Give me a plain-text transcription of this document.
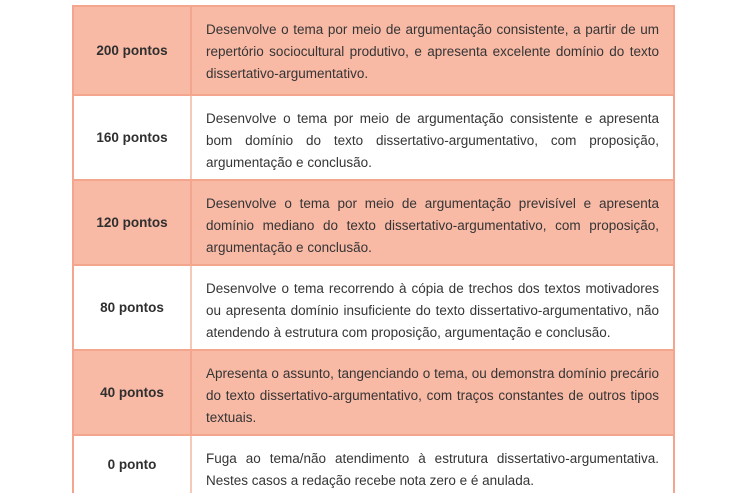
200 pontos
Desenvolve o tema por meio de argumentação consistente, a partir de um repertório sociocultural produtivo, e apresenta excelente domínio do texto dissertativo-argumentativo.
160 pontos
Desenvolve o tema por meio de argumentação consistente e apresenta bom domínio do texto dissertativo-argumentativo, com proposição, argumentação e conclusão.
120 pontos
Desenvolve o tema por meio de argumentação previsível e apresenta domínio mediano do texto dissertativo-argumentativo, com proposição, argumentação e conclusão.
80 pontos
Desenvolve o tema recorrendo à cópia de trechos dos textos motivadores ou apresenta domínio insuficiente do texto dissertativo-argumentativo, não atendendo à estrutura com proposição, argumentação e conclusão.
40 pontos
Apresenta o assunto, tangenciando o tema, ou demonstra domínio precário do texto dissertativo-argumentativo, com traços constantes de outros tipos textuais.
0 ponto	Fuga ao tema/não atendimento à estrutura dissertativo-argumentativa. Nestes casos a redação recebe nota zero e é anulada.
